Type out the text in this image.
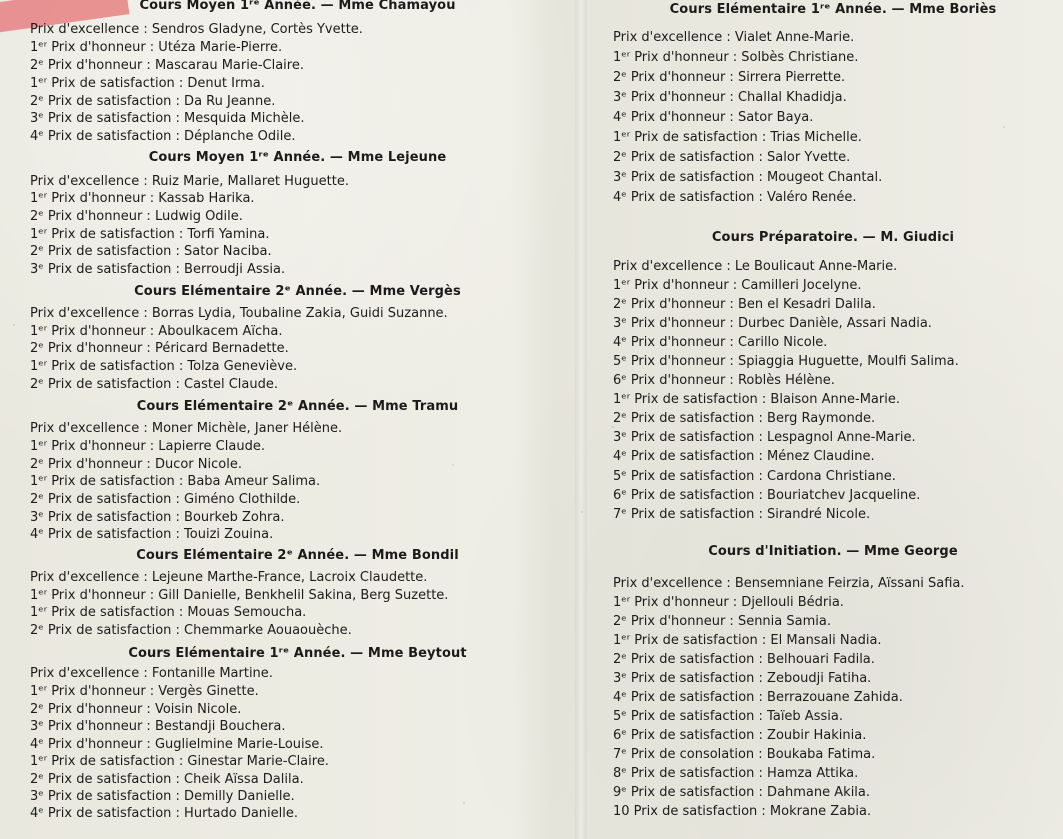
Cours Moyen 1ʳᵉ Année. — Mme Chamayou
Prix d'excellence : Sendros Gladyne, Cortès Yvette.
1ᵉʳ Prix d'honneur : Utéza Marie-Pierre.
2ᵉ Prix d'honneur : Mascarau Marie-Claire.
1ᵉʳ Prix de satisfaction : Denut Irma.
2ᵉ Prix de satisfaction : Da Ru Jeanne.
3ᵉ Prix de satisfaction : Mesquida Michèle.
4ᵉ Prix de satisfaction : Déplanche Odile.
Cours Moyen 1ʳᵉ Année. — Mme Lejeune
Prix d'excellence : Ruiz Marie, Mallaret Huguette.
1ᵉʳ Prix d'honneur : Kassab Harika.
2ᵉ Prix d'honneur : Ludwig Odile.
1ᵉʳ Prix de satisfaction : Torfi Yamina.
2ᵉ Prix de satisfaction : Sator Naciba.
3ᵉ Prix de satisfaction : Berroudji Assia.
Cours Elémentaire 2ᵉ Année. — Mme Vergès
Prix d'excellence : Borras Lydia, Toubaline Zakia, Guidi Suzanne.
1ᵉʳ Prix d'honneur : Aboulkacem Aïcha.
2ᵉ Prix d'honneur : Péricard Bernadette.
1ᵉʳ Prix de satisfaction : Tolza Geneviève.
2ᵉ Prix de satisfaction : Castel Claude.
Cours Elémentaire 2ᵉ Année. — Mme Tramu
Prix d'excellence : Moner Michèle, Janer Hélène.
1ᵉʳ Prix d'honneur : Lapierre Claude.
2ᵉ Prix d'honneur : Ducor Nicole.
1ᵉʳ Prix de satisfaction : Baba Ameur Salima.
2ᵉ Prix de satisfaction : Giméno Clothilde.
3ᵉ Prix de satisfaction : Bourkeb Zohra.
4ᵉ Prix de satisfaction : Touizi Zouina.
Cours Elémentaire 2ᵉ Année. — Mme Bondil
Prix d'excellence : Lejeune Marthe-France, Lacroix Claudette.
1ᵉʳ Prix d'honneur : Gill Danielle, Benkhelil Sakina, Berg Suzette.
1ᵉʳ Prix de satisfaction : Mouas Semoucha.
2ᵉ Prix de satisfaction : Chemmarke Aouaouèche.
Cours Elémentaire 1ʳᵉ Année. — Mme Beytout
Prix d'excellence : Fontanille Martine.
1ᵉʳ Prix d'honneur : Vergès Ginette.
2ᵉ Prix d'honneur : Voisin Nicole.
3ᵉ Prix d'honneur : Bestandji Bouchera.
4ᵉ Prix d'honneur : Guglielmine Marie-Louise.
1ᵉʳ Prix de satisfaction : Ginestar Marie-Claire.
2ᵉ Prix de satisfaction : Cheik Aïssa Dalila.
3ᵉ Prix de satisfaction : Demilly Danielle.
4ᵉ Prix de satisfaction : Hurtado Danielle.
Cours Elémentaire 1ʳᵉ Année. — Mme Boriès
Prix d'excellence : Vialet Anne-Marie.
1ᵉʳ Prix d'honneur : Solbès Christiane.
2ᵉ Prix d'honneur : Sirrera Pierrette.
3ᵉ Prix d'honneur : Challal Khadidja.
4ᵉ Prix d'honneur : Sator Baya.
1ᵉʳ Prix de satisfaction : Trias Michelle.
2ᵉ Prix de satisfaction : Salor Yvette.
3ᵉ Prix de satisfaction : Mougeot Chantal.
4ᵉ Prix de satisfaction : Valéro Renée.
Cours Préparatoire. — M. Giudici
Prix d'excellence : Le Boulicaut Anne-Marie.
1ᵉʳ Prix d'honneur : Camilleri Jocelyne.
2ᵉ Prix d'honneur : Ben el Kesadri Dalila.
3ᵉ Prix d'honneur : Durbec Danièle, Assari Nadia.
4ᵉ Prix d'honneur : Carillo Nicole.
5ᵉ Prix d'honneur : Spiaggia Huguette, Moulfi Salima.
6ᵉ Prix d'honneur : Roblès Hélène.
1ᵉʳ Prix de satisfaction : Blaison Anne-Marie.
2ᵉ Prix de satisfaction : Berg Raymonde.
3ᵉ Prix de satisfaction : Lespagnol Anne-Marie.
4ᵉ Prix de satisfaction : Ménez Claudine.
5ᵉ Prix de satisfaction : Cardona Christiane.
6ᵉ Prix de satisfaction : Bouriatchev Jacqueline.
7ᵉ Prix de satisfaction : Sirandré Nicole.
Cours d'Initiation. — Mme George
Prix d'excellence : Bensemniane Feirzia, Aïssani Safia.
1ᵉʳ Prix d'honneur : Djellouli Bédria.
2ᵉ Prix d'honneur : Sennia Samia.
1ᵉʳ Prix de satisfaction : El Mansali Nadia.
2ᵉ Prix de satisfaction : Belhouari Fadila.
3ᵉ Prix de satisfaction : Zeboudji Fatiha.
4ᵉ Prix de satisfaction : Berrazouane Zahida.
5ᵉ Prix de satisfaction : Taïeb Assia.
6ᵉ Prix de satisfaction : Zoubir Hakinia.
7ᵉ Prix de consolation : Boukaba Fatima.
8ᵉ Prix de satisfaction : Hamza Attika.
9ᵉ Prix de satisfaction : Dahmane Akila.
10 Prix de satisfaction : Mokrane Zabia.
